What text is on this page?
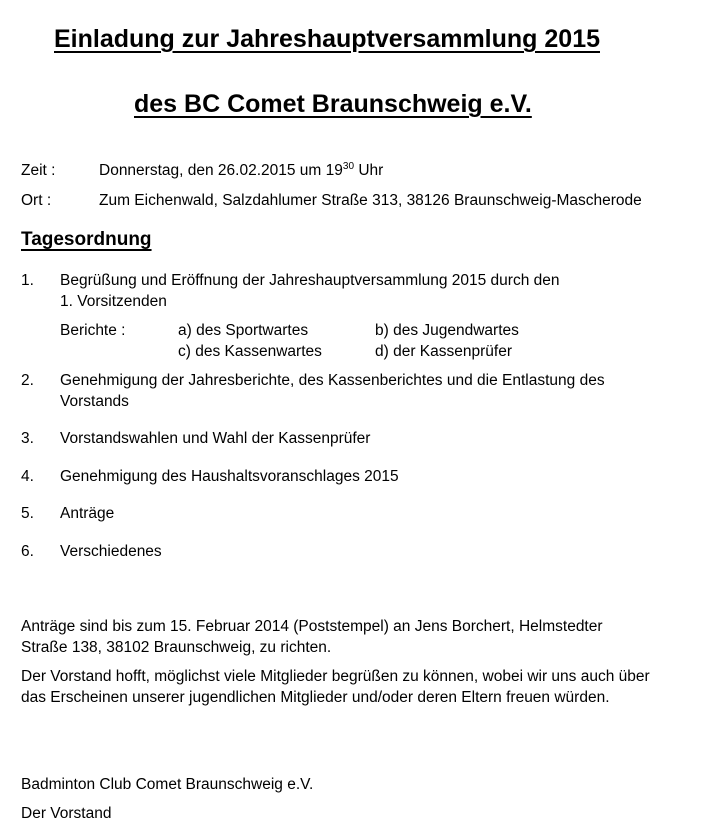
Einladung zur Jahreshauptversammlung 2015
des BC Comet Braunschweig e.V.
Zeit :	Donnerstag, den 26.02.2015 um $19^{30}$ Uhr
Ort :	Zum Eichenwald, Salzdahlumer Straße 313, 38126 Braunschweig-Mascherode
Tagesordnung
1. Begrüßung und Eröffnung der Jahreshauptversammlung 2015 durch den
1. Vorsitzenden
Berichte :	a) des Sportwartes	b) des Jugendwartes
c) des Kassenwartes	d) der Kassenprüfer
2. Genehmigung der Jahresberichte, des Kassenberichtes und die Entlastung des
Vorstands
3. Vorstandswahlen und Wahl der Kassenprüfer
4. Genehmigung des Haushaltsvoranschlages 2015
5. Anträge
6. Verschiedenes
Anträge sind bis zum 15. Februar 2014 (Poststempel) an Jens Borchert, Helmstedter
Straße 138, 38102 Braunschweig, zu richten.
Der Vorstand hofft, möglichst viele Mitglieder begrüßen zu können, wobei wir uns auch über
das Erscheinen unserer jugendlichen Mitglieder und/oder deren Eltern freuen würden.
Badminton Club Comet Braunschweig e.V.
Der Vorstand
